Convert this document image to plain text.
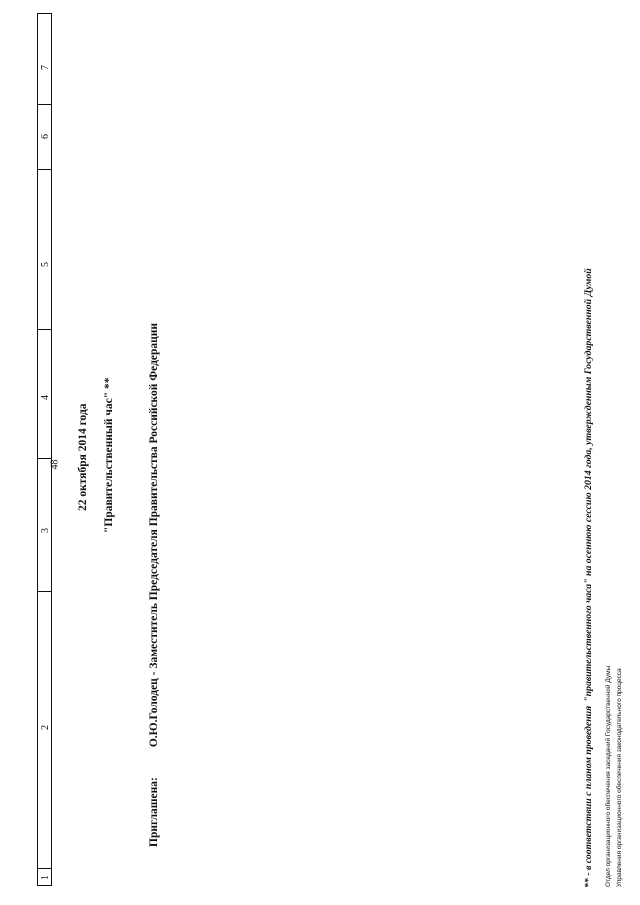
48
1
2
3
4
5
6
7
22 октября 2014 года "Правительственный час" **
Приглашена:О.Ю.Голодец - Заместитель Председателя Правительства Российской Федерации
** - в соответствии с планом проведения"правительственного часа" на осеннюю сессию 2014 года, утвержденным Государственной Думой
Отдел организационного обеспечения заседаний Государственной Думы Управления организационного обеспечения законодательного процесса
